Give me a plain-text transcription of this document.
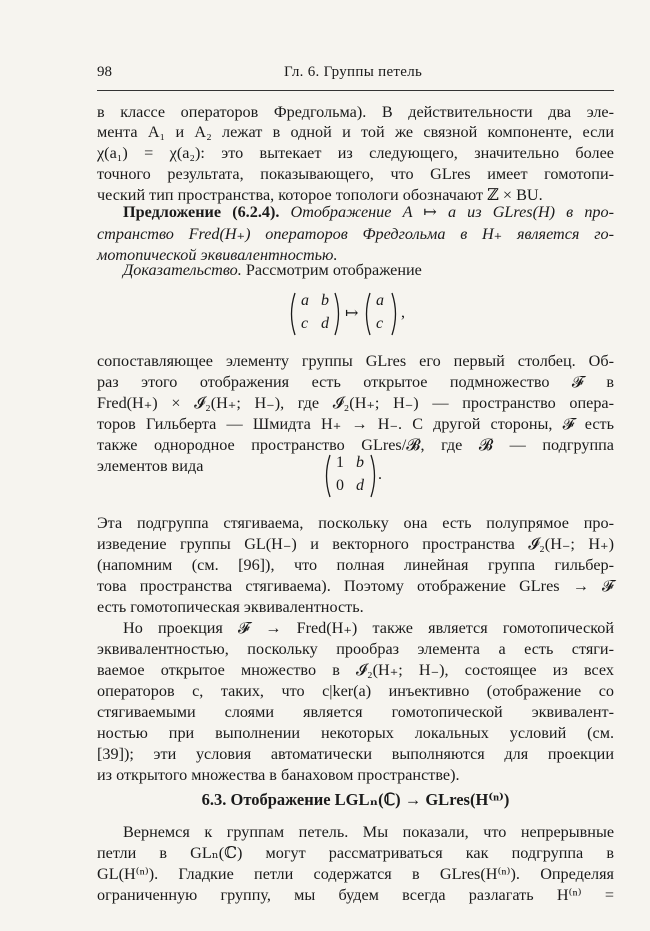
98	Гл. 6. Группы петель
в классе операторов Фредгольма). В действительности два эле-
мента A₁ и A₂ лежат в одной и той же связной компоненте, если
χ(a₁) = χ(a₂): это вытекает из следующего, значительно более
точного результата, показывающего, что GLres имеет гомотопи-
ческий тип пространства, которое топологи обозначают ℤ × BU.
Предложение (6.2.4). Отображение A ↦ a из GLres(H) в про-
странство Fred(H₊) операторов Фредгольма в H₊ является го-
мотопической эквивалентностью.
Доказательство. Рассмотрим отображение
a b
c d
↦
a
c
,
сопоставляющее элементу группы GLres его первый столбец. Об-
раз этого отображения есть открытое подмножество 𝓕 в
Fred(H₊) × 𝓘₂(H₊; H₋), где 𝓘₂(H₊; H₋) — пространство опера-
торов Гильберта — Шмидта H₊ → H₋. С другой стороны, 𝓕 есть
также однородное пространство GLres/𝓑, где 𝓑 — подгруппа
элементов вида	1 b
0 d
.
Эта подгруппа стягиваема, поскольку она есть полупрямое про-
изведение группы GL(H₋) и векторного пространства 𝓘₂(H₋; H₊)
(напомним (см. [96]), что полная линейная группа гильбер-
това пространства стягиваема). Поэтому отображение GLres → 𝓕
есть гомотопическая эквивалентность.
Но проекция 𝓕 → Fred(H₊) также является гомотопической
эквивалентностью, поскольку прообраз элемента a есть стяги-
ваемое открытое множество в 𝓘₂(H₊; H₋), состоящее из всех
операторов c, таких, что c|ker(a) инъективно (отображение со
стягиваемыми слоями является гомотопической эквивалент-
ностью при выполнении некоторых локальных условий (см.
[39]); эти условия автоматически выполняются для проекции
из открытого множества в банаховом пространстве).
6.3. Отображение LGLₙ(ℂ) → GLres(H⁽ⁿ⁾)
Вернемся к группам петель. Мы показали, что непрерывные
петли в GLₙ(ℂ) могут рассматриваться как подгруппа в
GL(H⁽ⁿ⁾). Гладкие петли содержатся в GLres(H⁽ⁿ⁾). Определяя
ограниченную группу, мы будем всегда разлагать H⁽ⁿ⁾ =
